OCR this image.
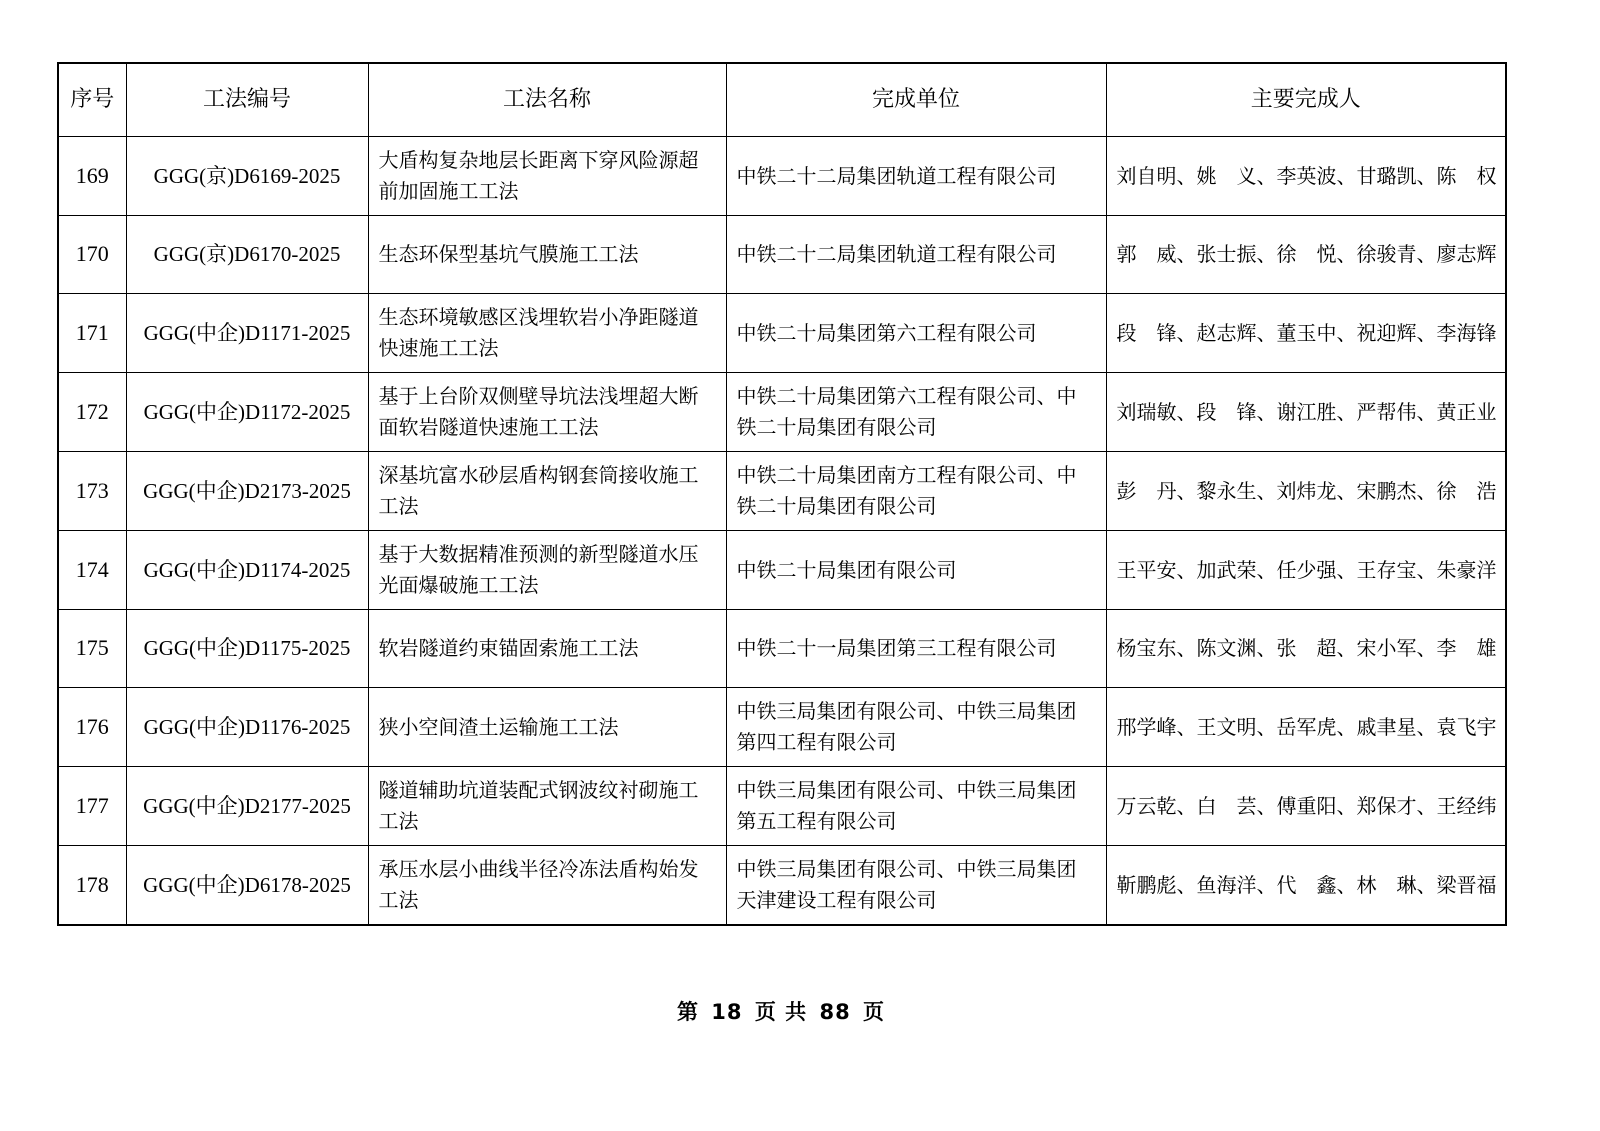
序号	工法编号	工法名称	完成单位	主要完成人
169	GGG(京)D6169-2025	大盾构复杂地层长距离下穿风险源超前加固施工工法	中铁二十二局集团轨道工程有限公司	刘自明、姚　义、李英波、甘璐凯、陈　权
170	GGG(京)D6170-2025	生态环保型基坑气膜施工工法	中铁二十二局集团轨道工程有限公司	郭　威、张士振、徐　悦、徐骏青、廖志辉
171	GGG(中企)D1171-2025	生态环境敏感区浅埋软岩小净距隧道快速施工工法	中铁二十局集团第六工程有限公司	段　锋、赵志辉、董玉中、祝迎辉、李海锋
172	GGG(中企)D1172-2025	基于上台阶双侧壁导坑法浅埋超大断面软岩隧道快速施工工法	中铁二十局集团第六工程有限公司、中铁二十局集团有限公司	刘瑞敏、段　锋、谢江胜、严帮伟、黄正业
173	GGG(中企)D2173-2025	深基坑富水砂层盾构钢套筒接收施工工法	中铁二十局集团南方工程有限公司、中铁二十局集团有限公司	彭　丹、黎永生、刘炜龙、宋鹏杰、徐　浩
174	GGG(中企)D1174-2025	基于大数据精准预测的新型隧道水压光面爆破施工工法	中铁二十局集团有限公司	王平安、加武荣、任少强、王存宝、朱豪洋
175	GGG(中企)D1175-2025	软岩隧道约束锚固索施工工法	中铁二十一局集团第三工程有限公司	杨宝东、陈文渊、张　超、宋小军、李　雄
176	GGG(中企)D1176-2025	狭小空间渣土运输施工工法	中铁三局集团有限公司、中铁三局集团第四工程有限公司	邢学峰、王文明、岳军虎、戚聿星、袁飞宇
177	GGG(中企)D2177-2025	隧道辅助坑道装配式钢波纹衬砌施工工法	中铁三局集团有限公司、中铁三局集团第五工程有限公司	万云乾、白　芸、傅重阳、郑保才、王经纬
178	GGG(中企)D6178-2025	承压水层小曲线半径冷冻法盾构始发工法	中铁三局集团有限公司、中铁三局集团天津建设工程有限公司	靳鹏彪、鱼海洋、代　鑫、林　琳、梁晋福
第 18 页 共 88 页
